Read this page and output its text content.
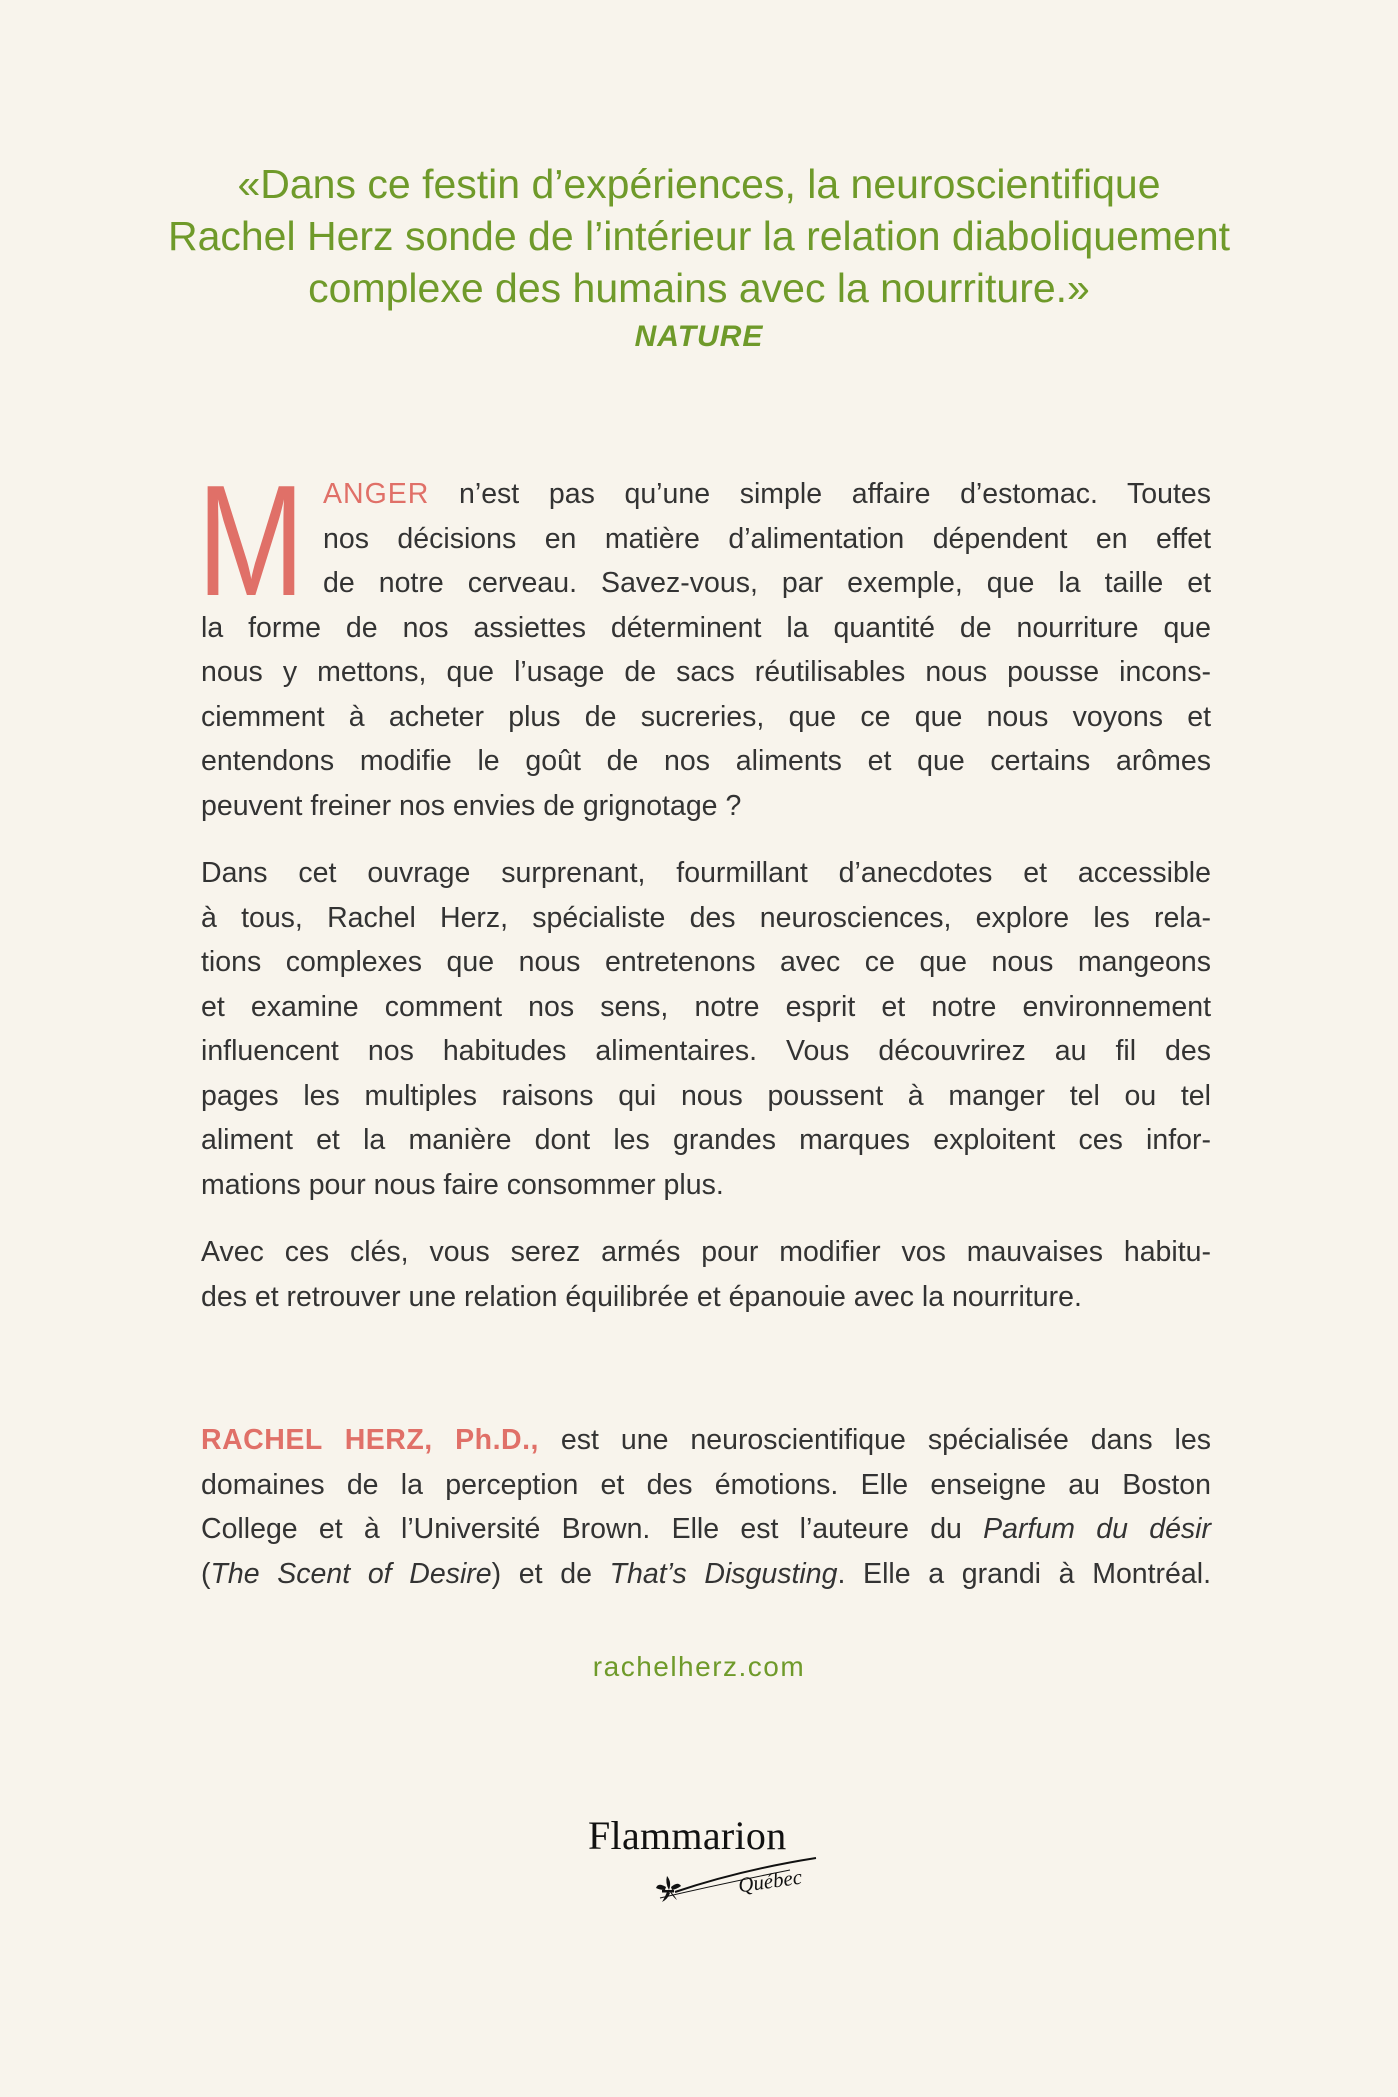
«Dans ce festin d’expériences, la neuroscientifique
Rachel Herz sonde de l’intérieur la relation diaboliquement
complexe des humains avec la nourriture.»
NATURE
M ANGER n’est pas qu’une simple affaire d’estomac. Toutes
nos décisions en matière d’alimentation dépendent en effet
de notre cerveau. Savez-vous, par exemple, que la taille et
la forme de nos assiettes déterminent la quantité de nourriture que
nous y mettons, que l’usage de sacs réutilisables nous pousse incons-
ciemment à acheter plus de sucreries, que ce que nous voyons et
entendons modifie le goût de nos aliments et que certains arômes
peuvent freiner nos envies de grignotage ?
Dans cet ouvrage surprenant, fourmillant d’anecdotes et accessible
à tous, Rachel Herz, spécialiste des neurosciences, explore les rela-
tions complexes que nous entretenons avec ce que nous mangeons
et examine comment nos sens, notre esprit et notre environnement
influencent nos habitudes alimentaires. Vous découvrirez au fil des
pages les multiples raisons qui nous poussent à manger tel ou tel
aliment et la manière dont les grandes marques exploitent ces infor-
mations pour nous faire consommer plus.
Avec ces clés, vous serez armés pour modifier vos mauvaises habitu-
des et retrouver une relation équilibrée et épanouie avec la nourriture.
RACHEL HERZ, Ph.D., est une neuroscientifique spécialisée dans les
domaines de la perception et des émotions. Elle enseigne au Boston
College et à l’Université Brown. Elle est l’auteure du Parfum du désir
(The Scent of Desire) et de That’s Disgusting. Elle a grandi à Montréal.
rachelherz.com
Flammarion
Québec
